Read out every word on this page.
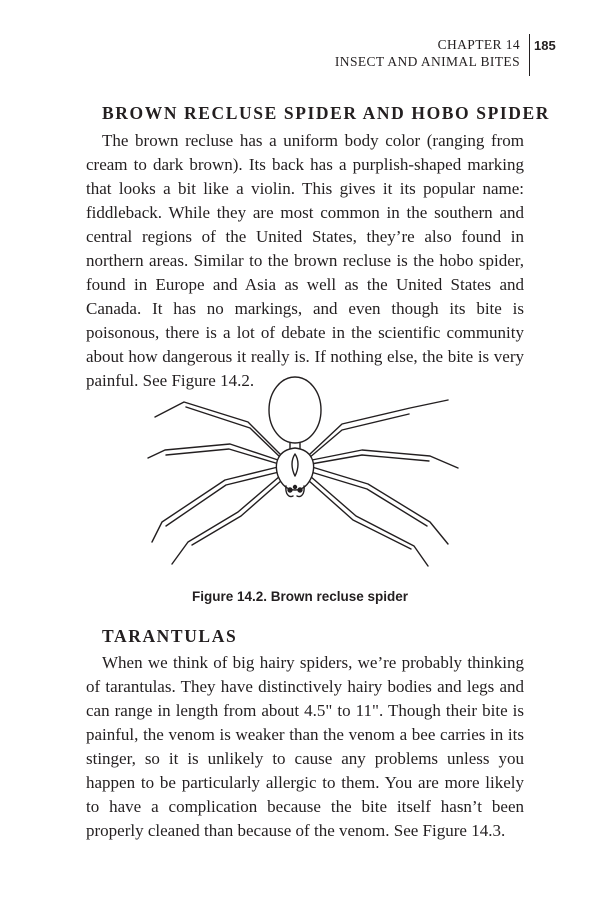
CHAPTER 14
INSECT AND ANIMAL BITES
185
BROWN RECLUSE SPIDER AND HOBO SPIDER

The brown recluse has a uniform body color (ranging from cream to dark brown). Its back has a purplish-shaped marking that looks a bit like a violin. This gives it its popular name: fiddleback. While they are most common in the southern and central regions of the United States, they’re also found in northern areas. Similar to the brown recluse is the hobo spider, found in Europe and Asia as well as the United States and Canada. It has no markings, and even though its bite is poisonous, there is a lot of debate in the scientific community about how dangerous it really is. If nothing else, the bite is very painful. See Figure 14.2.

Figure 14.2. Brown recluse spider

TARANTULAS

When we think of big hairy spiders, we’re probably thinking of tarantulas. They have distinctively hairy bodies and legs and can range in length from about 4.5" to 11". Though their bite is painful, the venom is weaker than the venom a bee carries in its stinger, so it is unlikely to cause any problems unless you happen to be particularly allergic to them. You are more likely to have a complication because the bite itself hasn’t been properly cleaned than because of the venom. See Figure 14.3.
